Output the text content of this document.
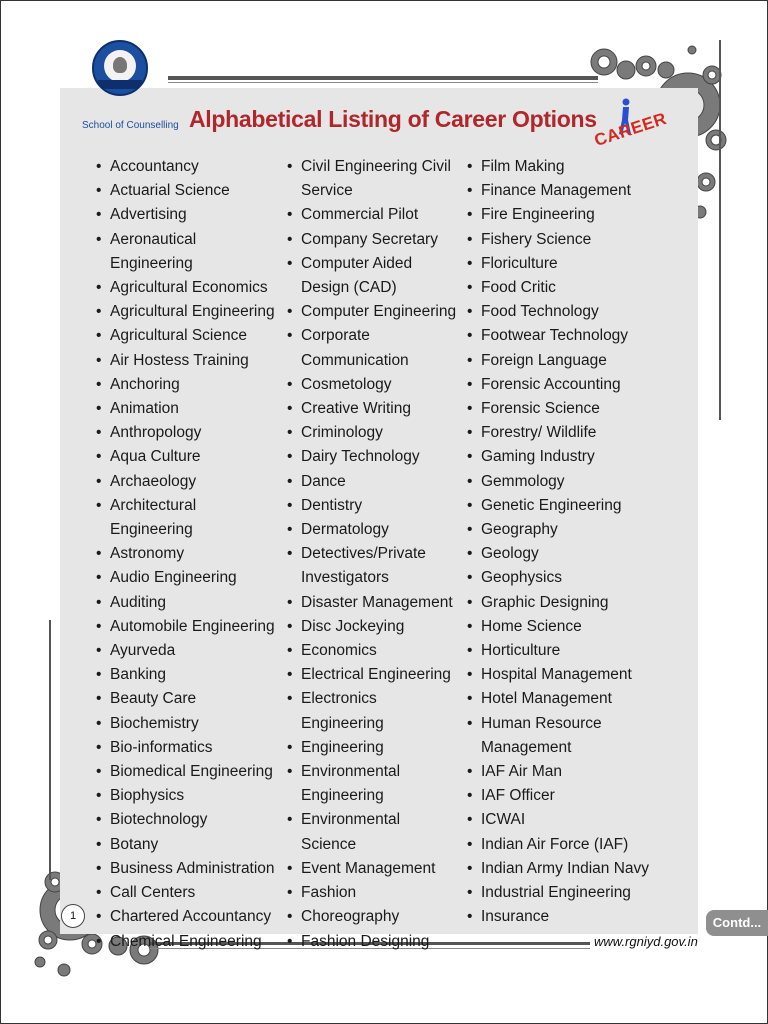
School of Counselling Alphabetical Listing of Career Options
CAREER
• Accountancy
• Actuarial Science
• Advertising
• Aeronautical Engineering
• Agricultural Economics
• Agricultural Engineering
• Agricultural Science
• Air Hostess Training
• Anchoring
• Animation
• Anthropology
• Aqua Culture
• Archaeology
• Architectural Engineering
• Astronomy
• Audio Engineering
• Auditing
• Automobile Engineering
• Ayurveda
• Banking
• Beauty Care
• Biochemistry
• Bio-informatics
• Biomedical Engineering
• Biophysics
• Biotechnology
• Botany
• Business Administration
• Call Centers
• Chartered Accountancy
• Chemical Engineering
• Civil Engineering Civil Service
• Commercial Pilot
• Company Secretary
• Computer Aided Design (CAD)
• Computer Engineering
• Corporate Communication
• Cosmetology
• Creative Writing
• Criminology
• Dairy Technology
• Dance
• Dentistry
• Dermatology
• Detectives/Private Investigators
• Disaster Management
• Disc Jockeying
• Economics
• Electrical Engineering
• Electronics Engineering
• Engineering
• Environmental Engineering
• Environmental Science
• Event Management
• Fashion
• Choreography
• Fashion Designing
• Film Making
• Finance Management
• Fire Engineering
• Fishery Science
• Floriculture
• Food Critic
• Food Technology
• Footwear Technology
• Foreign Language
• Forensic Accounting
• Forensic Science
• Forestry/ Wildlife
• Gaming Industry
• Gemmology
• Genetic Engineering
• Geography
• Geology
• Geophysics
• Graphic Designing
• Home Science
• Horticulture
• Hospital Management
• Hotel Management
• Human Resource Management
• IAF Air Man
• IAF Officer
• ICWAI
• Indian Air Force (IAF)
• Indian Army Indian Navy
• Industrial Engineering
• Insurance	Contd...
www.rgniyd.gov.in
1
